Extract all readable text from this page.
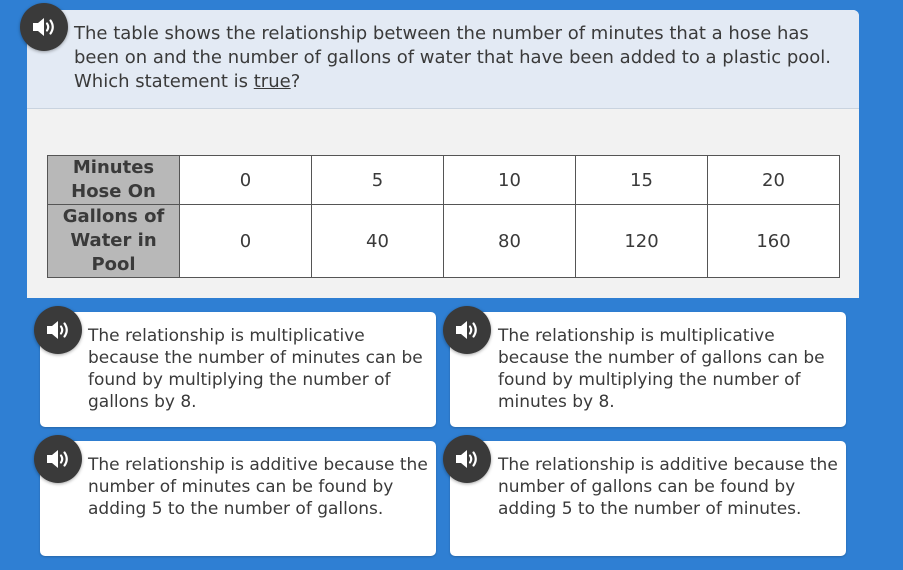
The table shows the relationship between the number of minutes that a hose has been on and the number of gallons of water that have been added to a plastic pool. Which statement is true?
Minutes Hose On	0	5	10	15	20
Gallons of Water in Pool	0	40	80	120	160
The relationship is multiplicative because the number of minutes can be found by multiplying the number of gallons by 8.
The relationship is multiplicative because the number of gallons can be found by multiplying the number of minutes by 8.
The relationship is additive because the number of minutes can be found by adding 5 to the number of gallons.
The relationship is additive because the number of gallons can be found by adding 5 to the number of minutes.
